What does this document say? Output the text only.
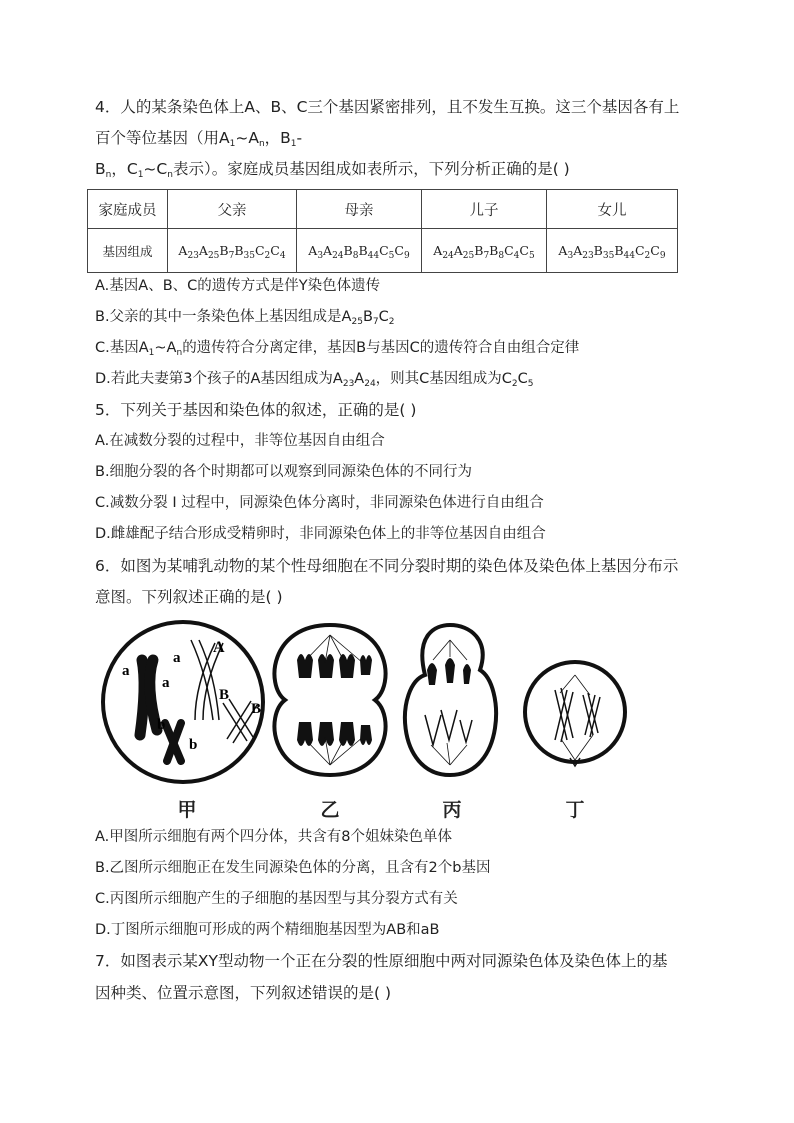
4．人的某条染色体上A、B、C三个基因紧密排列，且不发生互换。这三个基因各有上
百个等位基因（用$A_1\sim A_n$，$B_1-$
$B_n$，$C_1\sim C_n$表示）。家庭成员基因组成如表所示，下列分析正确的是( )
家庭成员	父亲	母亲	儿子	女儿
基因组成	$A_{23}A_{25}B_7B_{35}C_2C_4$	$A_3A_{24}B_8B_{44}C_5C_9$	$A_{24}A_{25}B_7B_8C_4C_5$	$A_3A_{23}B_{35}B_{44}C_2C_9$
A.基因A、B、C的遗传方式是伴Y染色体遗传
B.父亲的其中一条染色体上基因组成是$A_{25}B_7C_2$
C.基因$A_1\sim A_n$的遗传符合分离定律，基因B与基因C的遗传符合自由组合定律
D.若此夫妻第3个孩子的A基因组成为$A_{23}A_{24}$，则其C基因组成为$C_2C_5$
5．下列关于基因和染色体的叙述，正确的是( )
A.在减数分裂的过程中，非等位基因自由组合
B.细胞分裂的各个时期都可以观察到同源染色体的不同行为
C.减数分裂 I 过程中，同源染色体分离时，非同源染色体进行自由组合
D.雌雄配子结合形成受精卵时，非同源染色体上的非等位基因自由组合
6．如图为某哺乳动物的某个性母细胞在不同分裂时期的染色体及染色体上基因分布示
意图。下列叙述正确的是( )
a
a
a
A
B
B
b
b
甲	乙	丙	丁
A.甲图所示细胞有两个四分体，共含有8个姐妹染色单体
B.乙图所示细胞正在发生同源染色体的分离，且含有2个b基因
C.丙图所示细胞产生的子细胞的基因型与其分裂方式有关
D.丁图所示细胞可形成的两个精细胞基因型为AB和aB
7．如图表示某XY型动物一个正在分裂的性原细胞中两对同源染色体及染色体上的基
因种类、位置示意图，下列叙述错误的是( )
